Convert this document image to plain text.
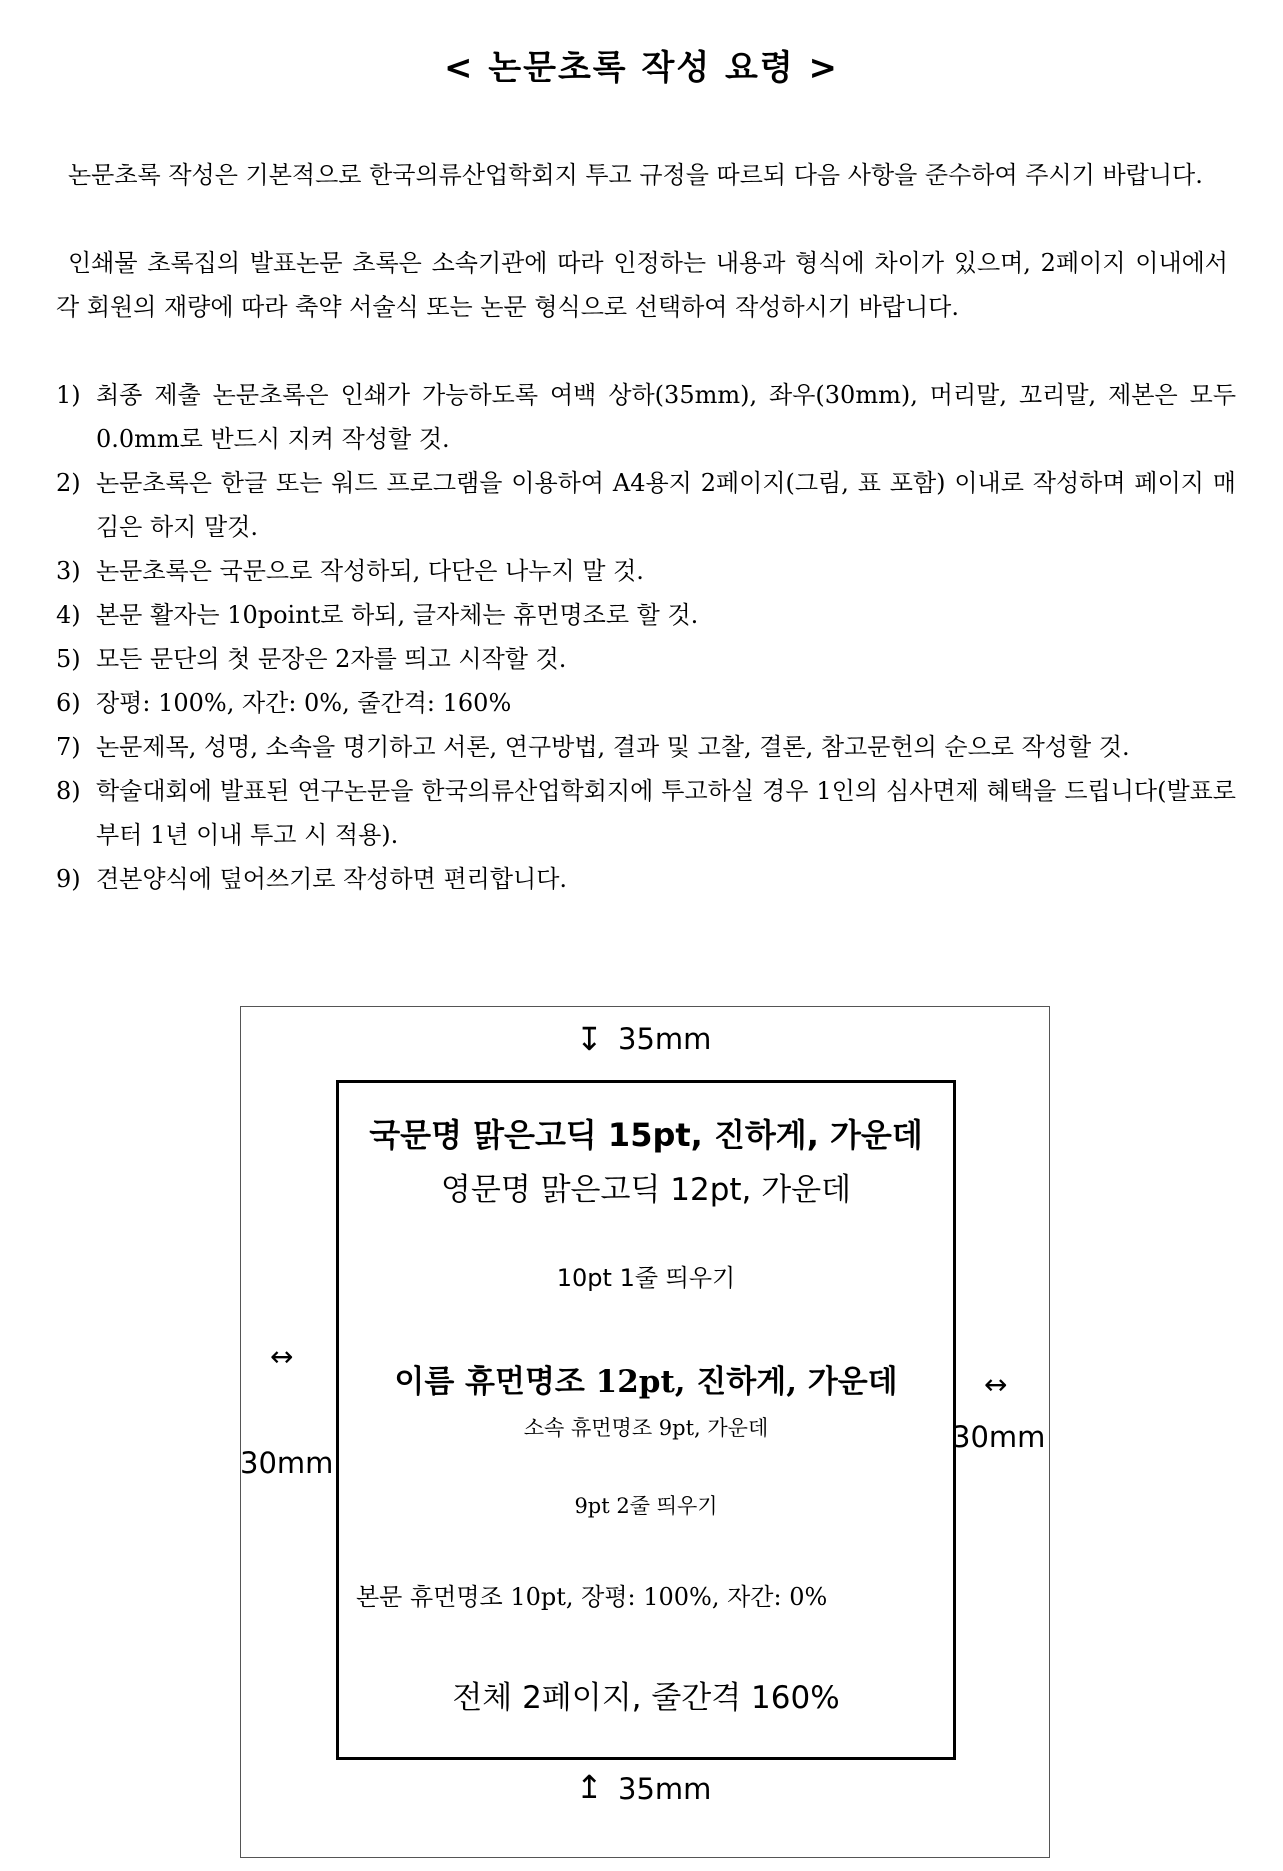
< 논문초록 작성 요령 >

논문초록 작성은 기본적으로 한국의류산업학회지 투고 규정을 따르되 다음 사항을 준수하여 주시기 바랍니다.

인쇄물 초록집의 발표논문 초록은 소속기관에 따라 인정하는 내용과 형식에 차이가 있으며, 2페이지 이내에서 각 회원의 재량에 따라 축약 서술식 또는 논문 형식으로 선택하여 작성하시기 바랍니다.

1) 최종 제출 논문초록은 인쇄가 가능하도록 여백 상하(35mm), 좌우(30mm), 머리말, 꼬리말, 제본은 모두 0.0mm로 반드시 지켜 작성할 것.
2) 논문초록은 한글 또는 워드 프로그램을 이용하여 A4용지 2페이지(그림, 표 포함) 이내로 작성하며 페이지 매김은 하지 말것.
3) 논문초록은 국문으로 작성하되, 다단은 나누지 말 것.
4) 본문 활자는 10point로 하되, 글자체는 휴먼명조로 할 것.
5) 모든 문단의 첫 문장은 2자를 띄고 시작할 것.
6) 장평: 100%, 자간: 0%, 줄간격: 160%
7) 논문제목, 성명, 소속을 명기하고 서론, 연구방법, 결과 및 고찰, 결론, 참고문헌의 순으로 작성할 것.
8) 학술대회에 발표된 연구논문을 한국의류산업학회지에 투고하실 경우 1인의 심사면제 혜택을 드립니다(발표로부터 1년 이내 투고 시 적용).
9) 견본양식에 덮어쓰기로 작성하면 편리합니다.
↧ 35mm
↥ 35mm
↔
30mm
↔
30mm
국문명 맑은고딕 15pt, 진하게, 가운데
영문명 맑은고딕 12pt, 가운데
10pt 1줄 띄우기
이름 휴먼명조 12pt, 진하게, 가운데
소속 휴먼명조 9pt, 가운데
9pt 2줄 띄우기
본문 휴먼명조 10pt, 장평: 100%, 자간: 0%
전체 2페이지, 줄간격 160%
